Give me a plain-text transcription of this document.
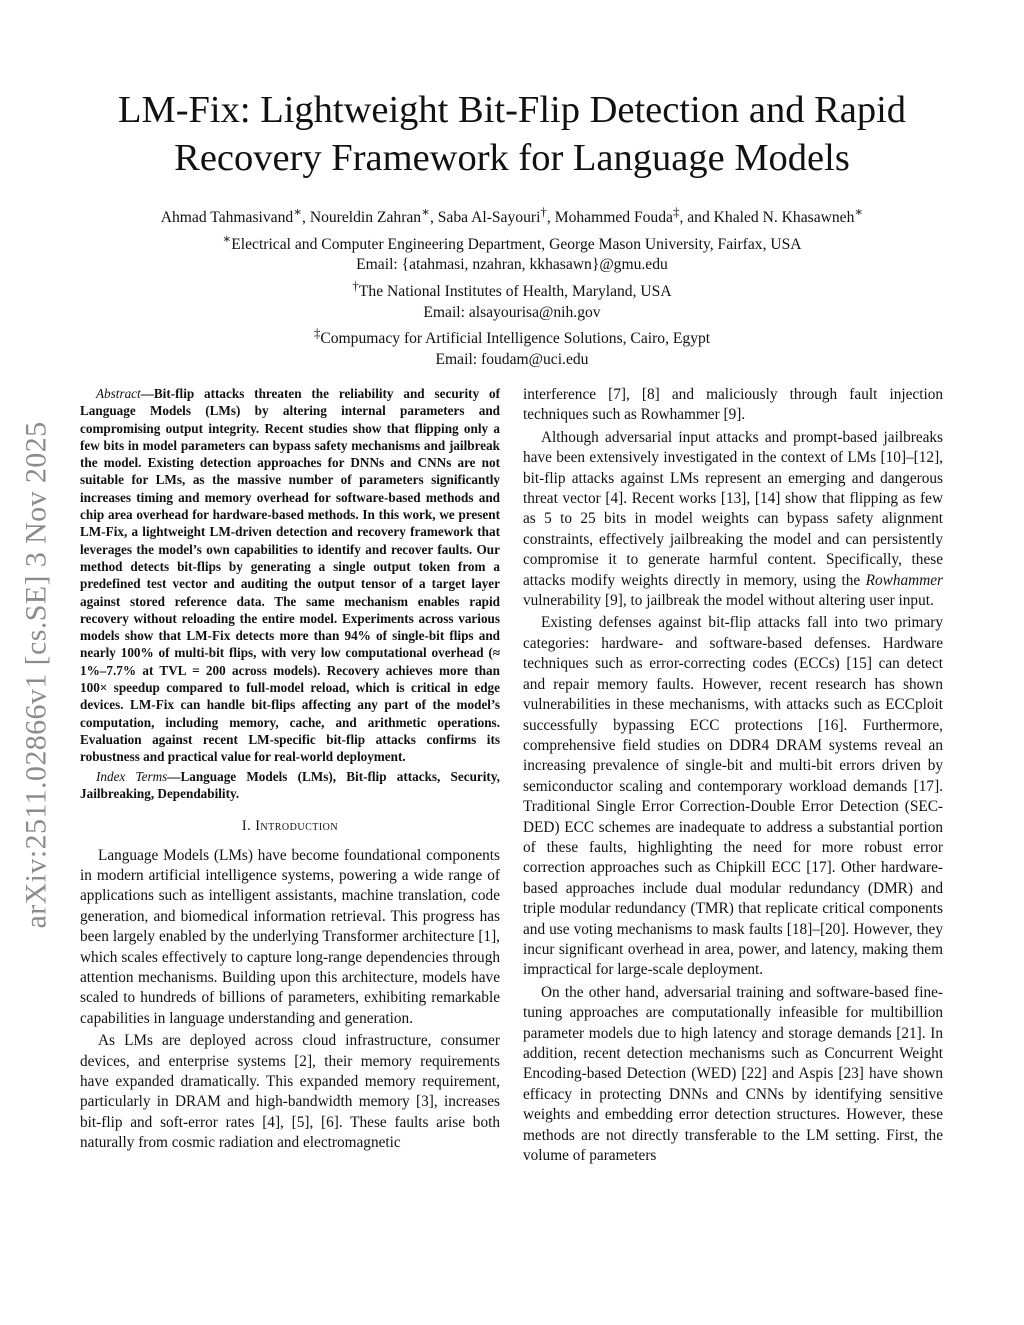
arXiv:2511.02866v1 [cs.SE] 3 Nov 2025
LM-Fix: Lightweight Bit-Flip Detection and Rapid
Recovery Framework for Language Models
Ahmad Tahmasivand∗, Noureldin Zahran∗, Saba Al-Sayouri†, Mohammed Fouda‡, and Khaled N. Khasawneh∗
∗Electrical and Computer Engineering Department, George Mason University, Fairfax, USA
Email: {atahmasi, nzahran, kkhasawn}@gmu.edu
†The National Institutes of Health, Maryland, USA
Email: alsayourisa@nih.gov
‡Compumacy for Artificial Intelligence Solutions, Cairo, Egypt
Email: foudam@uci.edu

Abstract—Bit-flip attacks threaten the reliability and security of Language Models (LMs) by altering internal parameters and compromising output integrity. Recent studies show that flipping only a few bits in model parameters can bypass safety mechanisms and jailbreak the model. Existing detection approaches for DNNs and CNNs are not suitable for LMs, as the massive number of parameters significantly increases timing and memory overhead for software-based methods and chip area overhead for hardware-based methods. In this work, we present LM-Fix, a lightweight LM-driven detection and recovery framework that leverages the model’s own capabilities to identify and recover faults. Our method detects bit-flips by generating a single output token from a predefined test vector and auditing the output tensor of a target layer against stored reference data. The same mechanism enables rapid recovery without reloading the entire model. Experiments across various models show that LM-Fix detects more than 94% of single-bit flips and nearly 100% of multi-bit flips, with very low computational overhead (≈ 1%–7.7% at TVL = 200 across models). Recovery achieves more than 100× speedup compared to full-model reload, which is critical in edge devices. LM-Fix can handle bit-flips affecting any part of the model’s computation, including memory, cache, and arithmetic operations. Evaluation against recent LM-specific bit-flip attacks confirms its robustness and practical value for real-world deployment.

Index Terms—Language Models (LMs), Bit-flip attacks, Security, Jailbreaking, Dependability.

I. Introduction

Language Models (LMs) have become foundational components in modern artificial intelligence systems, powering a wide range of applications such as intelligent assistants, machine translation, code generation, and biomedical information retrieval. This progress has been largely enabled by the underlying Transformer architecture [1], which scales effectively to capture long-range dependencies through attention mechanisms. Building upon this architecture, models have scaled to hundreds of billions of parameters, exhibiting remarkable capabilities in language understanding and generation.

As LMs are deployed across cloud infrastructure, consumer devices, and enterprise systems [2], their memory requirements have expanded dramatically. This expanded memory requirement, particularly in DRAM and high-bandwidth memory [3], increases bit-flip and soft-error rates [4], [5], [6]. These faults arise both naturally from cosmic radiation and electromagnetic

interference [7], [8] and maliciously through fault injection techniques such as Rowhammer [9].

Although adversarial input attacks and prompt-based jailbreaks have been extensively investigated in the context of LMs [10]–[12], bit-flip attacks against LMs represent an emerging and dangerous threat vector [4]. Recent works [13], [14] show that flipping as few as 5 to 25 bits in model weights can bypass safety alignment constraints, effectively jailbreaking the model and can persistently compromise it to generate harmful content. Specifically, these attacks modify weights directly in memory, using the Rowhammer vulnerability [9], to jailbreak the model without altering user input.

Existing defenses against bit-flip attacks fall into two primary categories: hardware- and software-based defenses. Hardware techniques such as error-correcting codes (ECCs) [15] can detect and repair memory faults. However, recent research has shown vulnerabilities in these mechanisms, with attacks such as ECCploit successfully bypassing ECC protections [16]. Furthermore, comprehensive field studies on DDR4 DRAM systems reveal an increasing prevalence of single-bit and multi-bit errors driven by semiconductor scaling and contemporary workload demands [17]. Traditional Single Error Correction-Double Error Detection (SEC-DED) ECC schemes are inadequate to address a substantial portion of these faults, highlighting the need for more robust error correction approaches such as Chipkill ECC [17]. Other hardware-based approaches include dual modular redundancy (DMR) and triple modular redundancy (TMR) that replicate critical components and use voting mechanisms to mask faults [18]–[20]. However, they incur significant overhead in area, power, and latency, making them impractical for large-scale deployment.

On the other hand, adversarial training and software-based fine-tuning approaches are computationally infeasible for multibillion parameter models due to high latency and storage demands [21]. In addition, recent detection mechanisms such as Concurrent Weight Encoding-based Detection (WED) [22] and Aspis [23] have shown efficacy in protecting DNNs and CNNs by identifying sensitive weights and embedding error detection structures. However, these methods are not directly transferable to the LM setting. First, the volume of parameters
